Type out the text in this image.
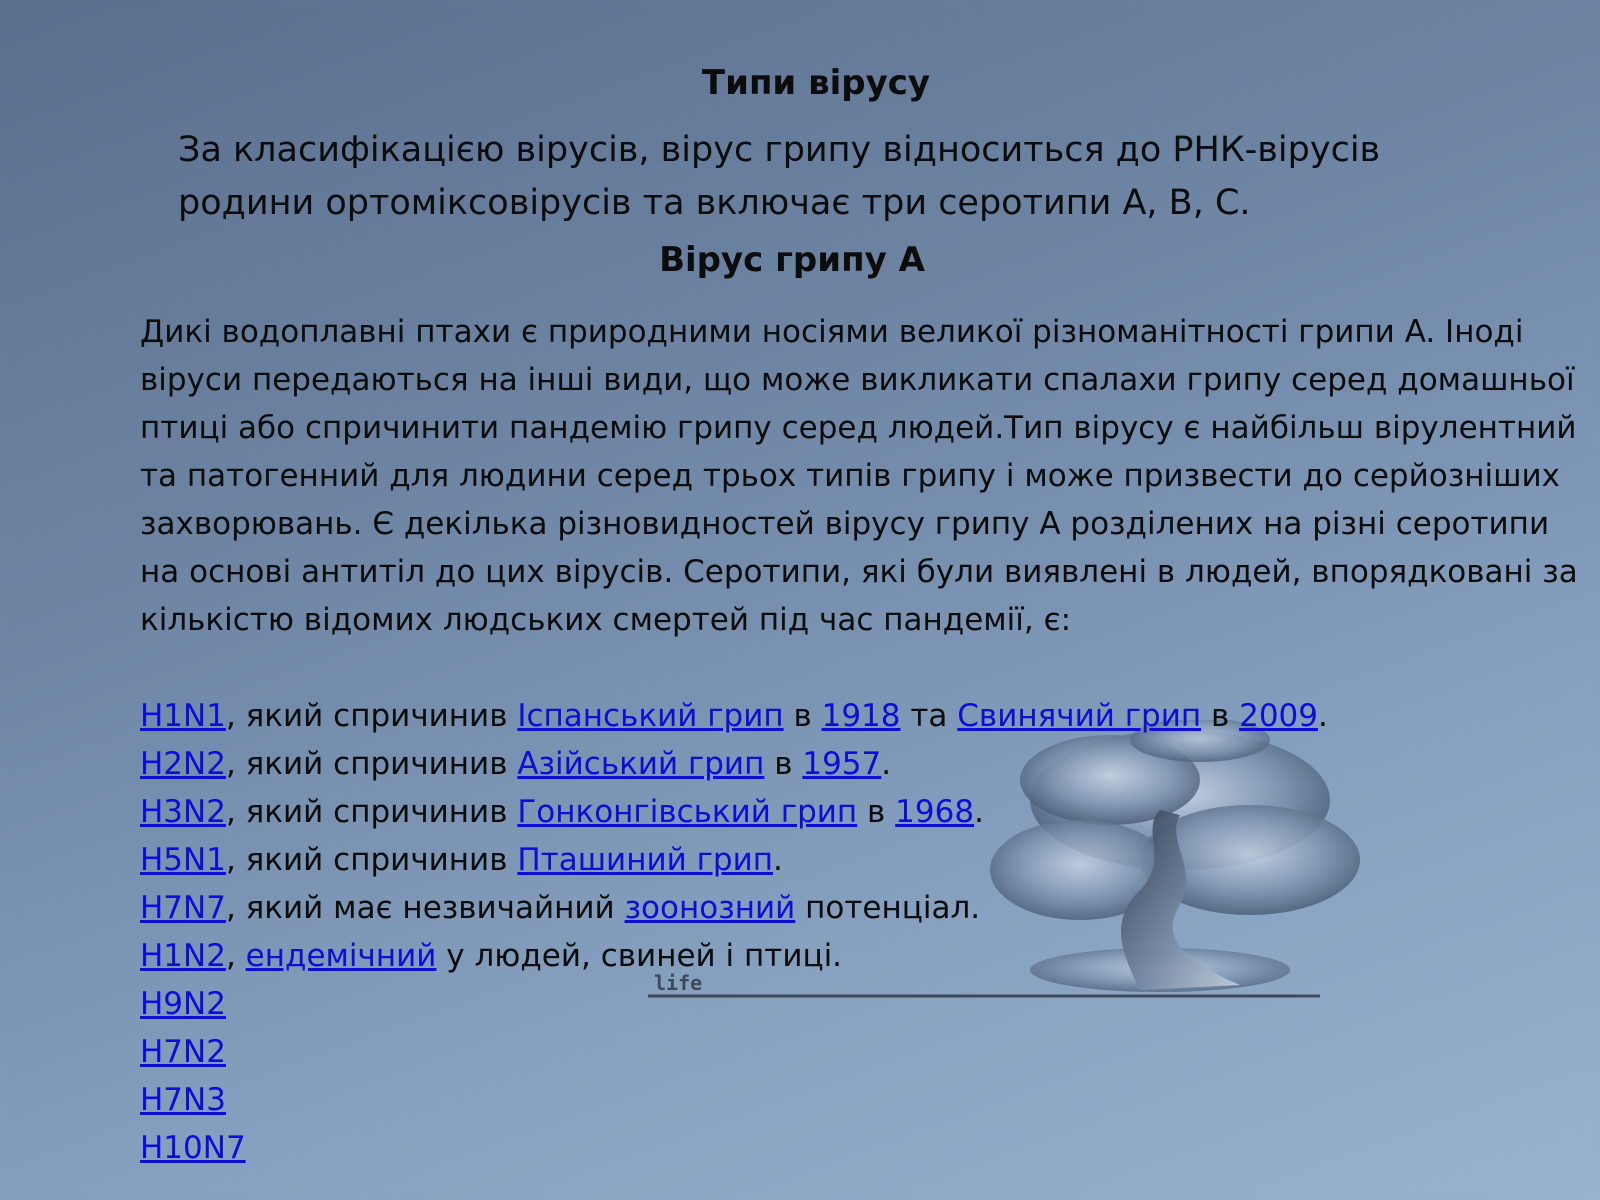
Типи вірусу

За класифікацією вірусів, вірус грипу відноситься до РНК-вірусів родини ортоміксовірусів та включає три серотипи A, B, C.

Вірус грипу A

Дикі водоплавні птахи є природними носіями великої різноманітності грипи A. Іноді віруси передаються на інші види, що може викликати спалахи грипу серед домашньої птиці або спричинити пандемію грипу серед людей.Тип вірусу є найбільш вірулентний та патогенний для людини серед трьох типів грипу і може призвести до серйозніших захворювань. Є декілька різновидностей вірусу грипу A розділених на різні серотипи на основі антитіл до цих вірусів. Серотипи, які були виявлені в людей, впорядковані за кількістю відомих людських смертей під час пандемії, є:

life
H1N1, який спричинив Іспанський грип в 1918 та Свинячий грип в 2009.
H2N2, який спричинив Азійський грип в 1957.
H3N2, який спричинив Гонконгівський грип в 1968.
H5N1, який спричинив Пташиний грип.
H7N7, який має незвичайний зоонозний потенціал.
H1N2, ендемічний у людей, свиней і птиці.
H9N2
H7N2
H7N3
H10N7
